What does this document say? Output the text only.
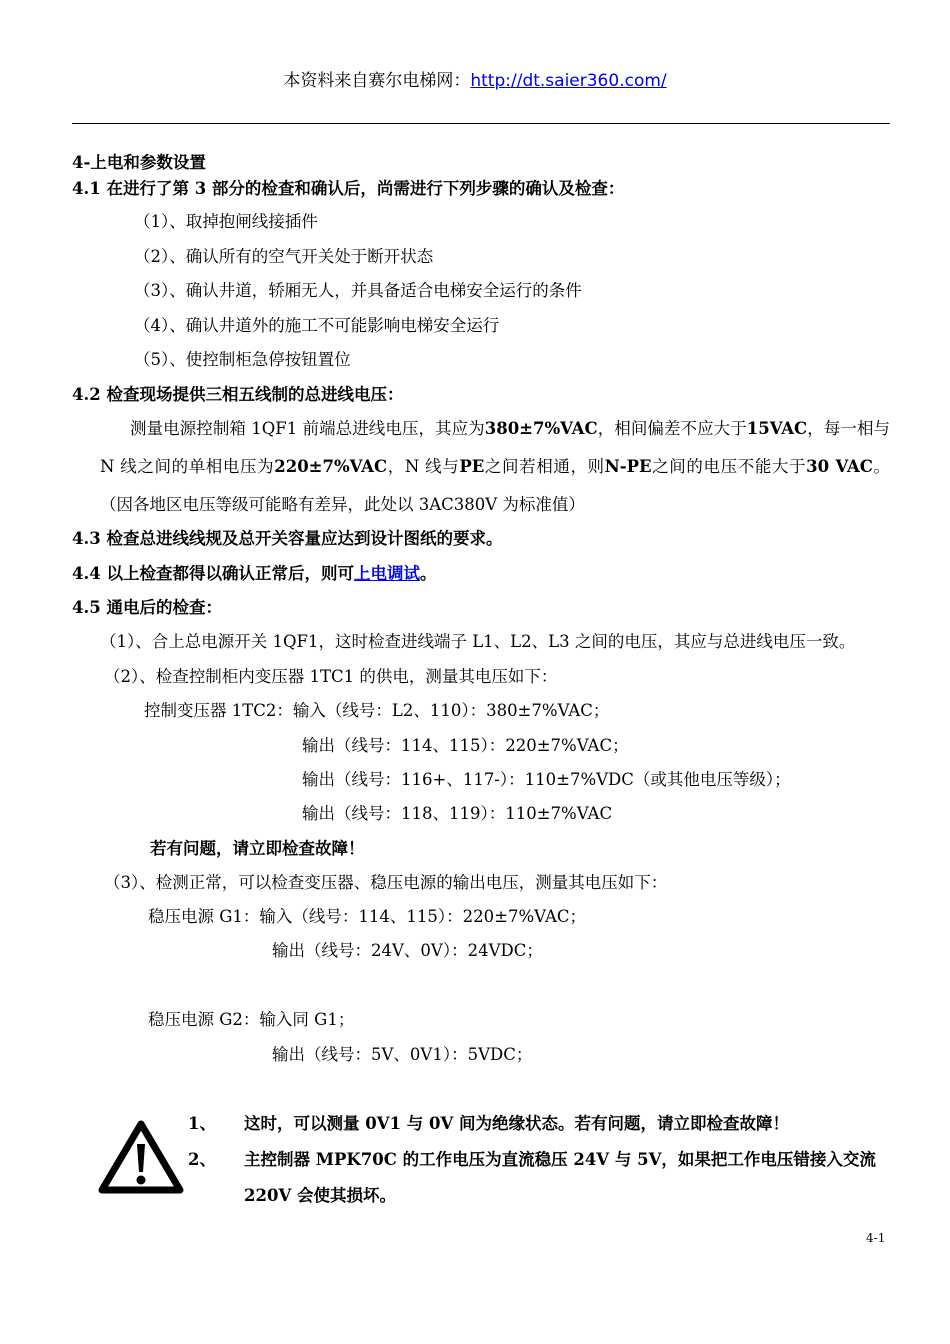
本资料来自赛尔电梯网：http://dt.saier360.com/
4-上电和参数设置
4.1 在进行了第 3 部分的检查和确认后，尚需进行下列步骤的确认及检查：
（1）、取掉抱闸线接插件
（2）、确认所有的空气开关处于断开状态
（3）、确认井道，轿厢无人，并具备适合电梯安全运行的条件
（4）、确认井道外的施工不可能影响电梯安全运行
（5）、使控制柜急停按钮置位
4.2 检查现场提供三相五线制的总进线电压：
测量电源控制箱 1QF1 前端总进线电压，其应为380±7%VAC，相间偏差不应大于15VAC，每一相与 N 线之间的单相电压为220±7%VAC，N 线与PE之间若相通，则N-PE之间的电压不能大于30 VAC。（因各地区电压等级可能略有差异，此处以 3AC380V 为标准值）
4.3 检查总进线线规及总开关容量应达到设计图纸的要求。
4.4 以上检查都得以确认正常后，则可上电调试。
4.5 通电后的检查：
（1）、合上总电源开关 1QF1，这时检查进线端子 L1、L2、L3 之间的电压，其应与总进线电压一致。
（2）、检查控制柜内变压器 1TC1 的供电，测量其电压如下：
控制变压器 1TC2：输入（线号：L2、110）：380±7%VAC；
输出（线号：114、115）：220±7%VAC；
输出（线号：116+、117-）：110±7%VDC（或其他电压等级）；
输出（线号：118、119）：110±7%VAC
若有问题，请立即检查故障！
（3）、检测正常，可以检查变压器、稳压电源的输出电压，测量其电压如下：
稳压电源 G1：输入（线号：114、115）：220±7%VAC；
输出（线号：24V、0V）：24VDC；
稳压电源 G2：输入同 G1；
输出（线号：5V、0V1）：5VDC；
1、 这时，可以测量 0V1 与 0V 间为绝缘状态。若有问题，请立即检查故障！
2、 主控制器 MPK70C 的工作电压为直流稳压 24V 与 5V，如果把工作电压错接入交流 220V 会使其损坏。
4-1
